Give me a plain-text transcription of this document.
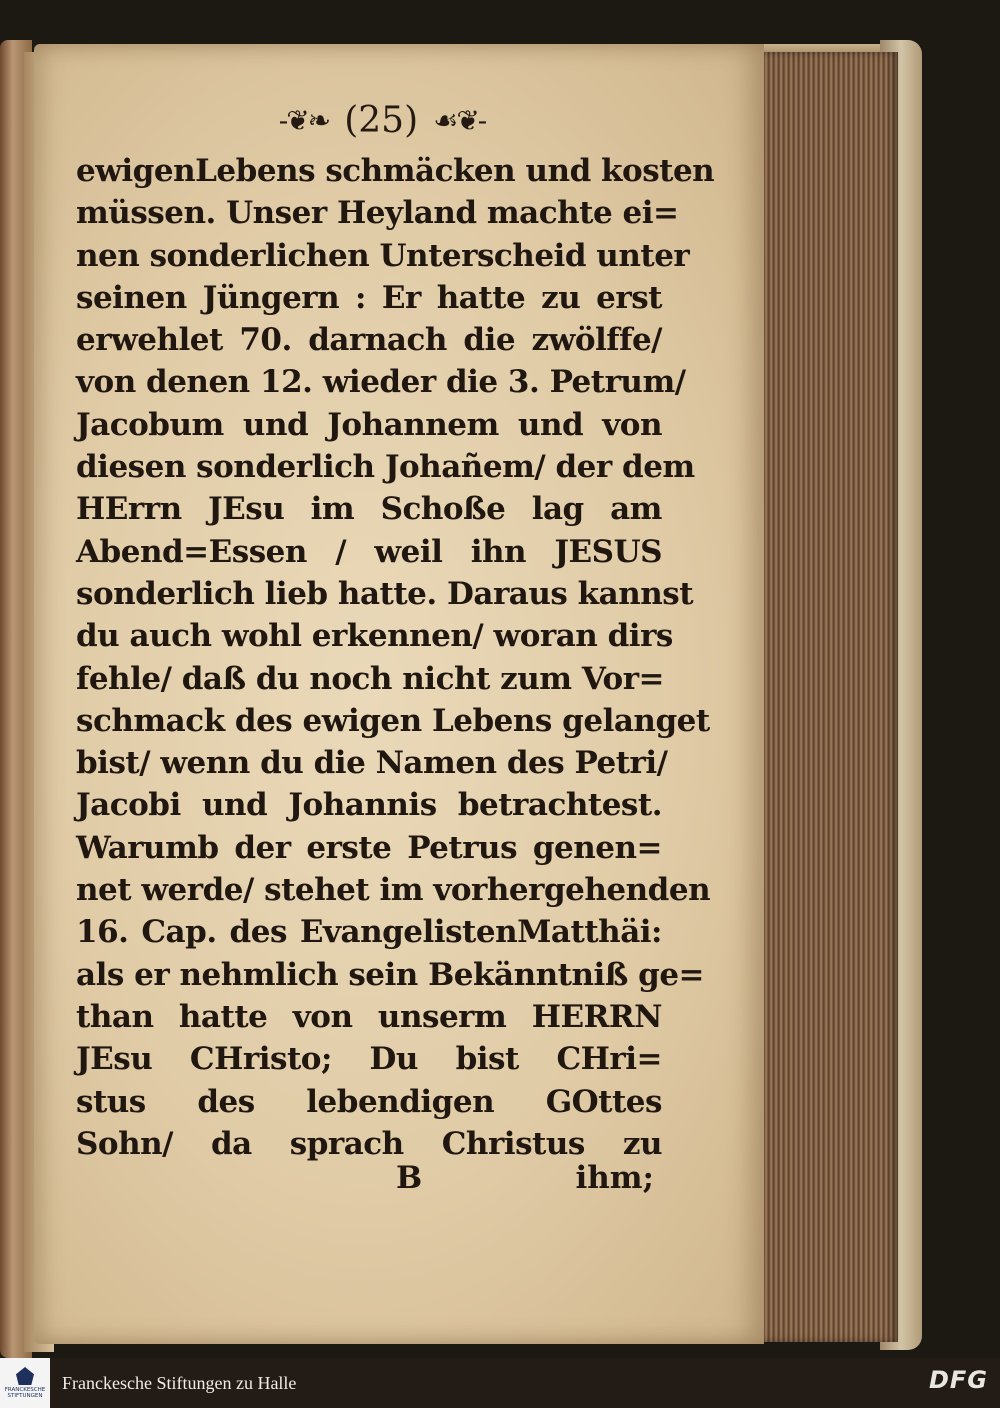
-❦❧ (25) ☙❦-
ewigenLebens schmäcken und kosten
müssen. Unser Heyland machte ei=
nen sonderlichen Unterscheid unter
seinen Jüngern : Er hatte zu erst
erwehlet 70. darnach die zwölffe/
von denen 12. wieder die 3. Petrum/
Jacobum und Johannem und von
diesen sonderlich Johañem/ der dem
HErrn JEsu im Schoße lag am
Abend=Essen / weil ihn JESUS
sonderlich lieb hatte. Daraus kannst
du auch wohl erkennen/ woran dirs
fehle/ daß du noch nicht zum Vor=
schmack des ewigen Lebens gelanget
bist/ wenn du die Namen des Petri/
Jacobi und Johannis betrachtest.
Warumb der erste Petrus genen=
net werde/ stehet im vorhergehenden
16. Cap. des EvangelistenMatthäi:
als er nehmlich sein Bekänntniß ge=
than hatte von unserm HERRN
JEsu CHristo; Du bist CHri=
stus des lebendigen GOttes
Sohn/ da sprach Christus zu
B	ihm;
FRANCKESCHE STIFTUNGEN
Franckesche Stiftungen zu Halle	DFG
